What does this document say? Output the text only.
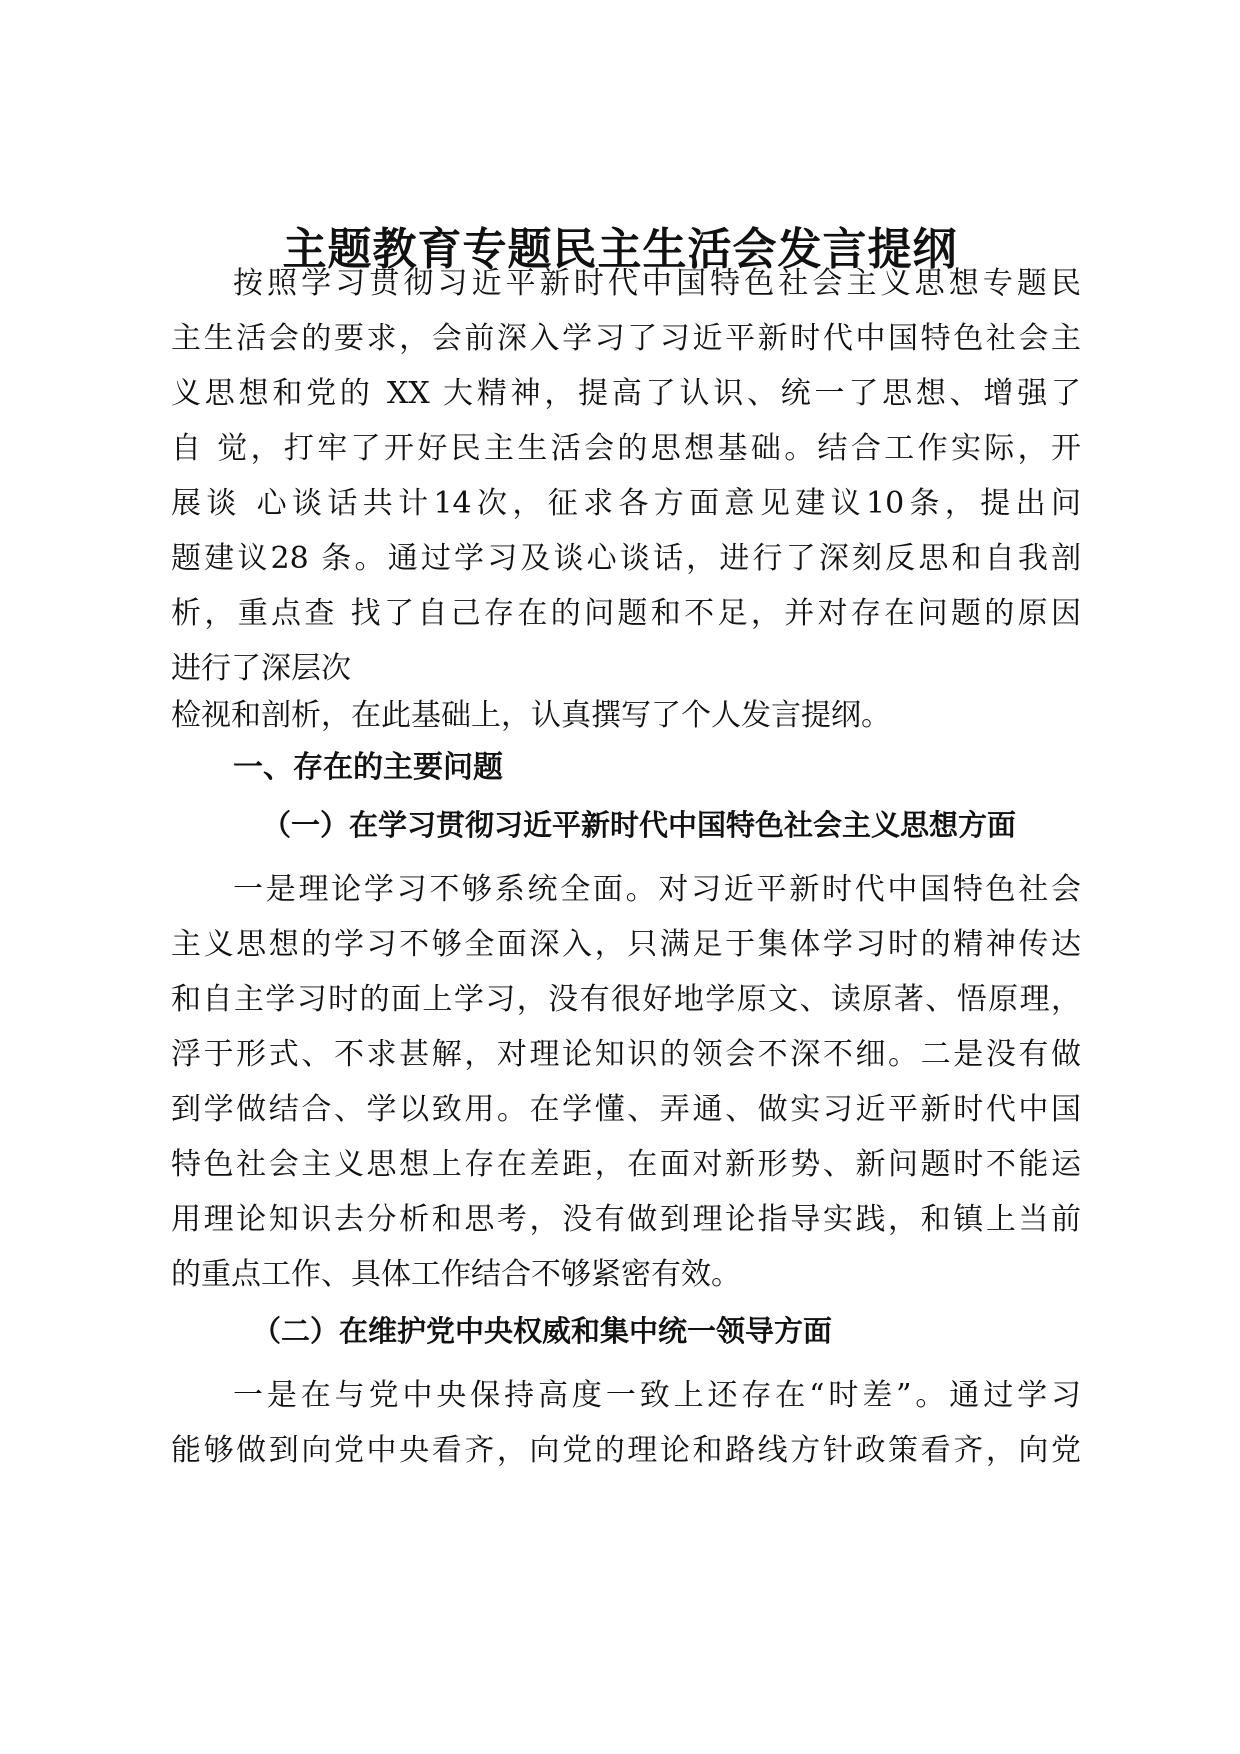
主题教育专题民主生活会发言提纲
按照学习贯彻习近平新时代中国特色社会主义思想专题民
主生活会的要求，会前深入学习了习近平新时代中国特色社会主
义思想和党的 XX 大精神，提高了认识、统一了思想、增强了
自 觉，打牢了开好民主生活会的思想基础。结合工作实际，开
展谈 心谈话共计14次，征求各方面意见建议10条，提出问
题建议28 条。通过学习及谈心谈话，进行了深刻反思和自我剖
析，重点查 找了自己存在的问题和不足，并对存在问题的原因
进行了深层次
检视和剖析，在此基础上，认真撰写了个人发言提纲。
一、存在的主要问题
（一）在学习贯彻习近平新时代中国特色社会主义思想方面
一是理论学习不够系统全面。对习近平新时代中国特色社会
主义思想的学习不够全面深入，只满足于集体学习时的精神传达
和自主学习时的面上学习，没有很好地学原文、读原著、悟原理，
浮于形式、不求甚解，对理论知识的领会不深不细。二是没有做
到学做结合、学以致用。在学懂、弄通、做实习近平新时代中国
特色社会主义思想上存在差距，在面对新形势、新问题时不能运
用理论知识去分析和思考，没有做到理论指导实践，和镇上当前
的重点工作、具体工作结合不够紧密有效。
（二）在维护党中央权威和集中统一领导方面
一是在与党中央保持高度一致上还存在“时差”。通过学习
能够做到向党中央看齐，向党的理论和路线方针政策看齐，向党
